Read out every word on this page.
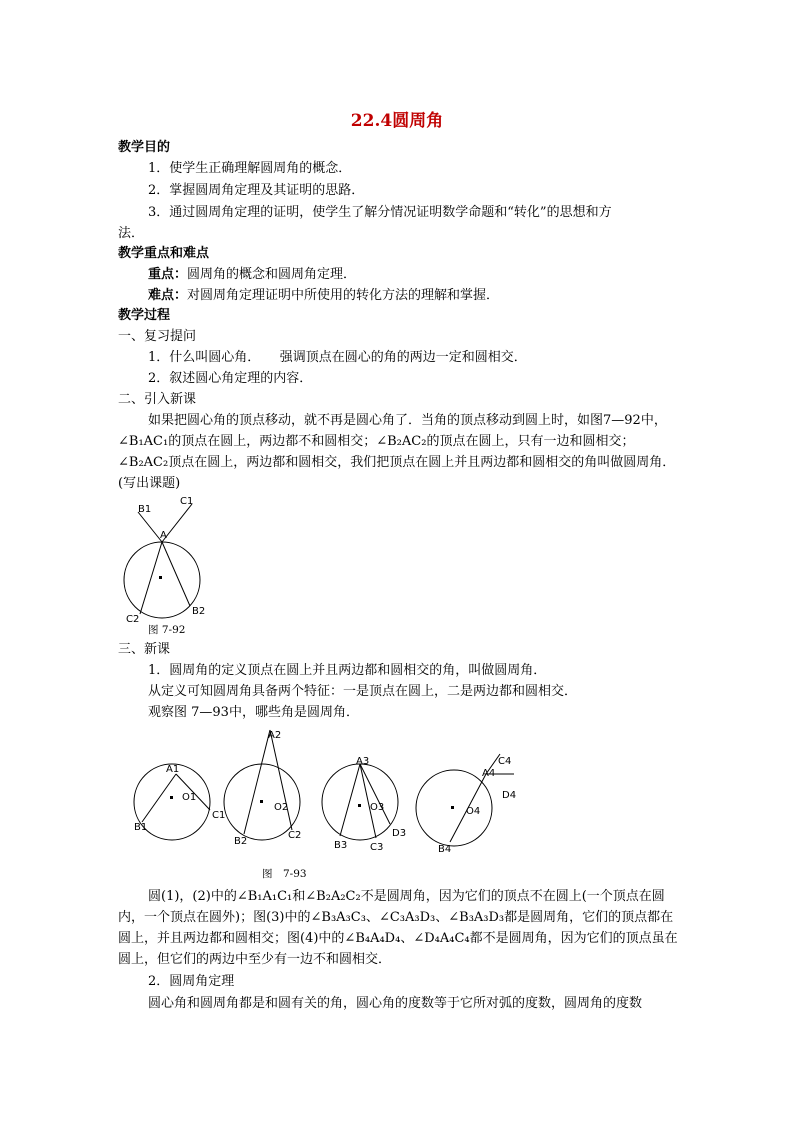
22.4圆周角
教学目的
1．使学生正确理解圆周角的概念．
2．掌握圆周角定理及其证明的思路．
3．通过圆周角定理的证明，使学生了解分情况证明数学命题和“转化”的思想和方
法．
教学重点和难点
重点：圆周角的概念和圆周角定理．
难点：对圆周角定理证明中所使用的转化方法的理解和掌握．
教学过程
一、复习提问
1．什么叫圆心角．　　强调顶点在圆心的角的两边一定和圆相交．
2．叙述圆心角定理的内容．
二、引入新课
如果把圆心角的顶点移动，就不再是圆心角了．当角的顶点移动到圆上时，如图7—92中，∠B₁AC₁的顶点在圆上，两边都不和圆相交；∠B₂AC₂的顶点在圆上，只有一边和圆相交；∠B₂AC₂顶点在圆上，两边都和圆相交，我们把顶点在圆上并且两边都和圆相交的角叫做圆周角．(写出课题)
B1
C1
A
C2
B2
图 7-92
三、新课
1．圆周角的定义顶点在圆上并且两边都和圆相交的角，叫做圆周角．
从定义可知圆周角具备两个特征：一是顶点在圆上，二是两边都和圆相交．
观察图 7—93中，哪些角是圆周角．
A1
O1
B1
C1
A2
O2
B2
C2
A3
O3
B3 C3
D3
C4
A4
D4
O4
B4
图　7-93
圆(1)，(2)中的∠B₁A₁C₁和∠B₂A₂C₂不是圆周角，因为它们的顶点不在圆上(一个顶点在圆内，一个顶点在圆外)；图(3)中的∠B₃A₃C₃、∠C₃A₃D₃、∠B₃A₃D₃都是圆周角，它们的顶点都在圆上，并且两边都和圆相交；图(4)中的∠B₄A₄D₄、∠D₄A₄C₄都不是圆周角，因为它们的顶点虽在圆上，但它们的两边中至少有一边不和圆相交．
2．圆周角定理
圆心角和圆周角都是和圆有关的角，圆心角的度数等于它所对弧的度数，圆周角的度数
